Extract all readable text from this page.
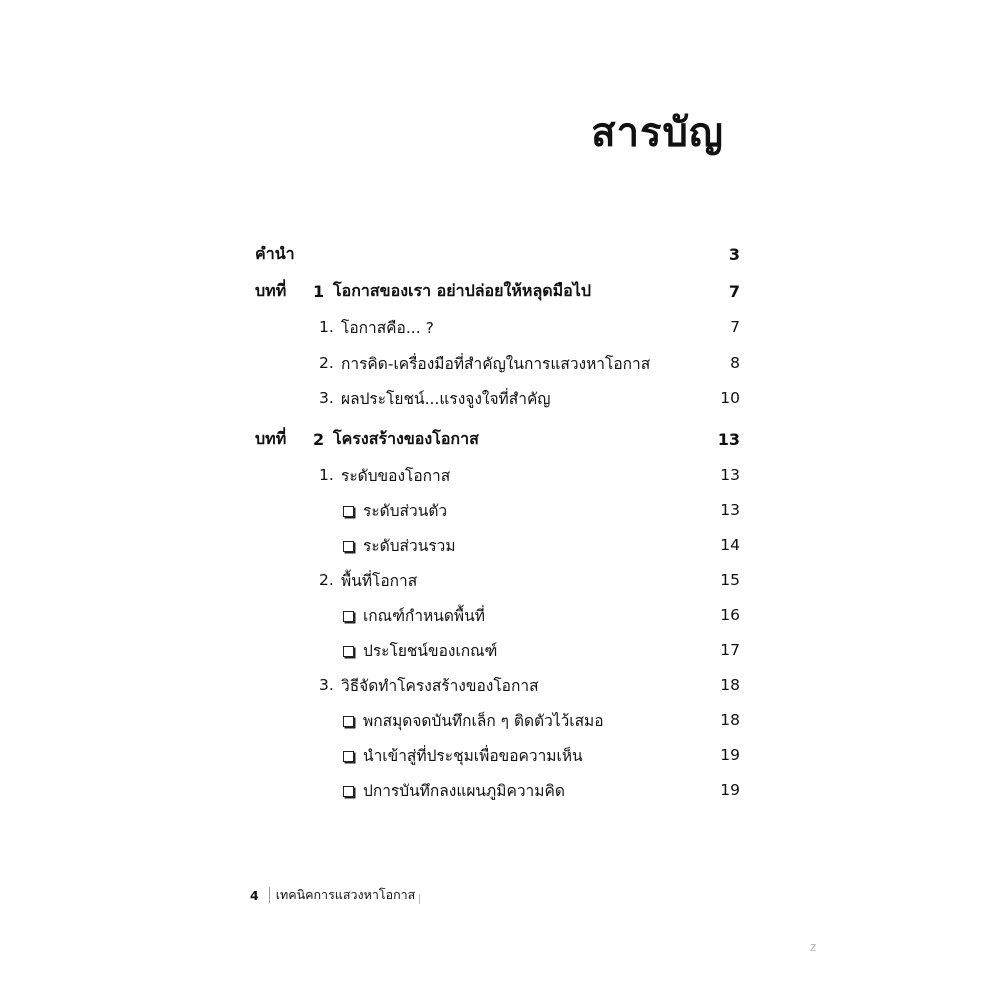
สารบัญ
คำนำ	3
บทที่	1 โอกาสของเรา อย่าปล่อยให้หลุดมือไป	7
1. โอกาสคือ... ?	7
2. การคิด-เครื่องมือที่สำคัญในการแสวงหาโอกาส	8
3. ผลประโยชน์...แรงจูงใจที่สำคัญ	10
บทที่	2 โครงสร้างของโอกาส	13
1. ระดับของโอกาส	13
ระดับส่วนตัว	13
ระดับส่วนรวม	14
2. พื้นที่โอกาส	15
เกณฑ์กำหนดพื้นที่	16
ประโยชน์ของเกณฑ์	17
3. วิธีจัดทำโครงสร้างของโอกาส	18
พกสมุดจดบันทึกเล็ก ๆ ติดตัวไว้เสมอ	18
นำเข้าสู่ที่ประชุมเพื่อขอความเห็น	19
ปการบันทึกลงแผนภูมิความคิด	19
4 เทคนิคการแสวงหาโอกาส
z
